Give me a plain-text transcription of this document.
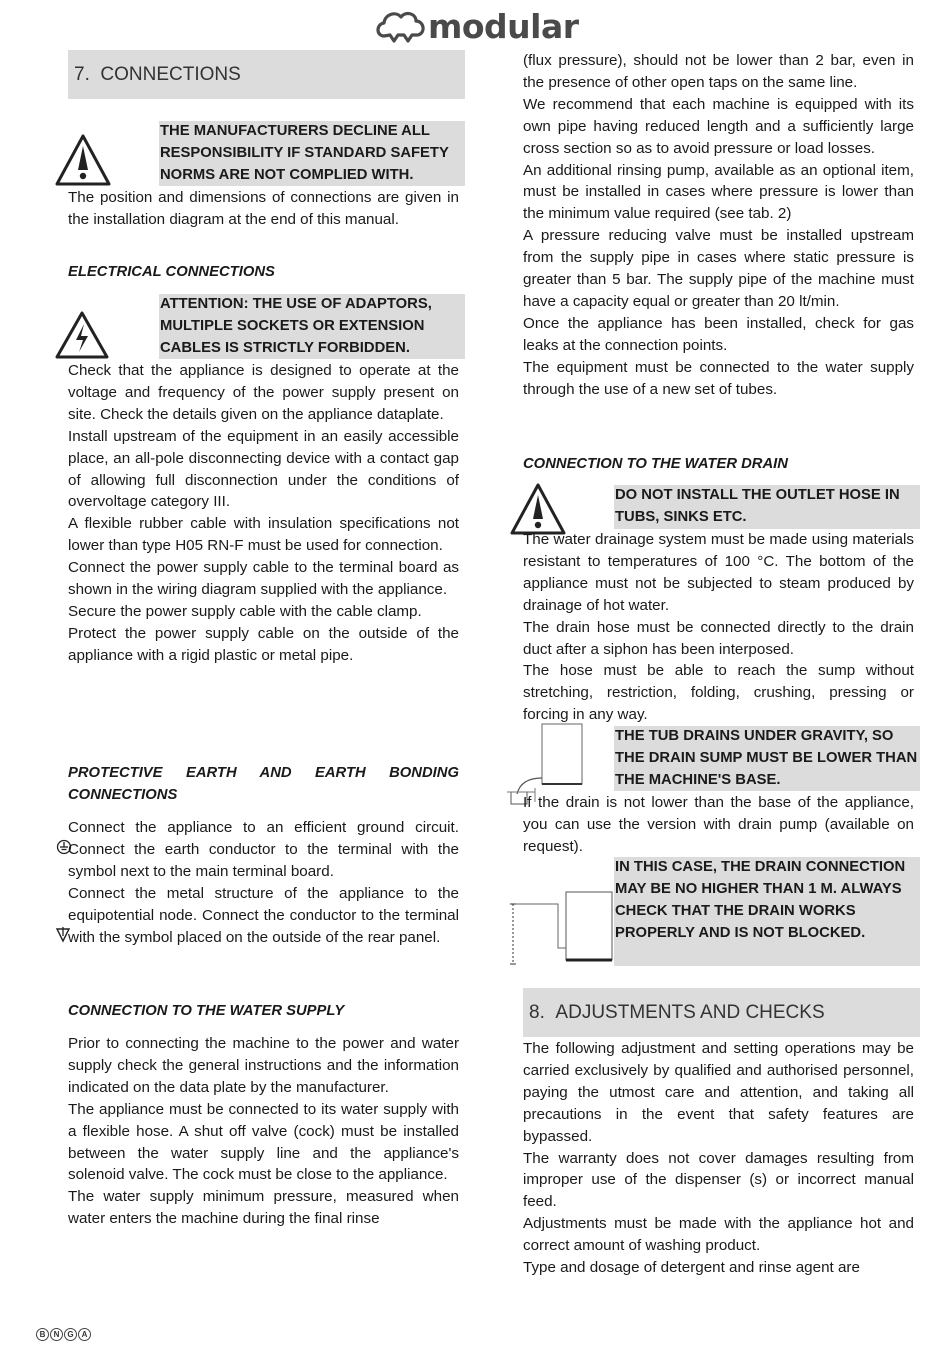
modular
7.
CONNECTIONS
THE MANUFACTURERS DECLINE ALL RESPONSIBILITY IF STANDARD SAFETY NORMS ARE NOT COMPLIED WITH.

The position and dimensions of connections are given in the installation diagram at the end of this manual.

ELECTRICAL CONNECTIONS

ATTENTION: THE USE OF ADAPTORS, MULTIPLE SOCKETS OR EXTENSION CABLES IS STRICTLY FORBIDDEN.

Check that the appliance is designed to operate at the voltage and frequency of the power supply present on site. Check the details given on the appliance dataplate.

Install upstream of the equipment in an easily accessible place, an all-pole disconnecting device with a contact gap of allowing full disconnection under the conditions of overvoltage category III.

A flexible rubber cable with insulation specifications not lower than type H05 RN-F must be used for connection.

Connect the power supply cable to the terminal board as shown in the wiring diagram supplied with the appliance.

Secure the power supply cable with the cable clamp.

Protect the power supply cable on the outside of the appliance with a rigid plastic or metal pipe.

PROTECTIVE EARTH AND EARTH BONDING CONNECTIONS

Connect the appliance to an efficient ground circuit. Connect the earth conductor to the terminal with the symbol next to the main terminal board.

Connect the metal structure of the appliance to the equipotential node. Connect the conductor to the terminal with the symbol placed on the outside of the rear panel.

CONNECTION TO THE WATER SUPPLY

Prior to connecting the machine to the power and water supply check the general instructions and the information indicated on the data plate by the manufacturer.

The appliance must be connected to its water supply with a flexible hose. A shut off valve (cock) must be installed between the water supply line and the appliance's solenoid valve. The cock must be close to the appliance.

The water supply minimum pressure, measured when water enters the machine during the final rinse

(flux pressure), should not be lower than 2 bar, even in the presence of other open taps on the same line.

We recommend that each machine is equipped with its own pipe having reduced length and a sufficiently large cross section so as to avoid pressure or load losses.

An additional rinsing pump, available as an optional item, must be installed in cases where pressure is lower than the minimum value required (see tab. 2)

A pressure reducing valve must be installed upstream from the supply pipe in cases where static pressure is greater than 5 bar. The supply pipe of the machine must have a capacity equal or greater than 20 lt/min.

Once the appliance has been installed, check for gas leaks at the connection points.

The equipment must be connected to the water supply through the use of a new set of tubes.

CONNECTION TO THE WATER DRAIN

DO NOT INSTALL THE OUTLET HOSE IN TUBS, SINKS ETC.

The water drainage system must be made using materials resistant to temperatures of 100 °C. The bottom of the appliance must not be subjected to steam produced by drainage of hot water.

The drain hose must be connected directly to the drain duct after a siphon has been interposed.

The hose must be able to reach the sump without stretching, restriction, folding, crushing, pressing or forcing in any way.

THE TUB DRAINS UNDER GRAVITY, SO THE DRAIN SUMP MUST BE LOWER THAN THE MACHINE'S BASE.

If the drain is not lower than the base of the appliance, you can use the version with drain pump (available on request).

IN THIS CASE, THE DRAIN CONNECTION MAY BE NO HIGHER THAN 1 M. ALWAYS CHECK THAT THE DRAIN WORKS PROPERLY AND IS NOT BLOCKED.
8.
ADJUSTMENTS AND CHECKS

The following adjustment and setting operations may be carried exclusively by qualified and authorised personnel, paying the utmost care and attention, and taking all precautions in the event that safety features are bypassed.

The warranty does not cover damages resulting from improper use of the dispenser (s) or incorrect manual feed.

Adjustments must be made with the appliance hot and correct amount of washing product.

Type and dosage of detergent and rinse agent are

B	N G	A
